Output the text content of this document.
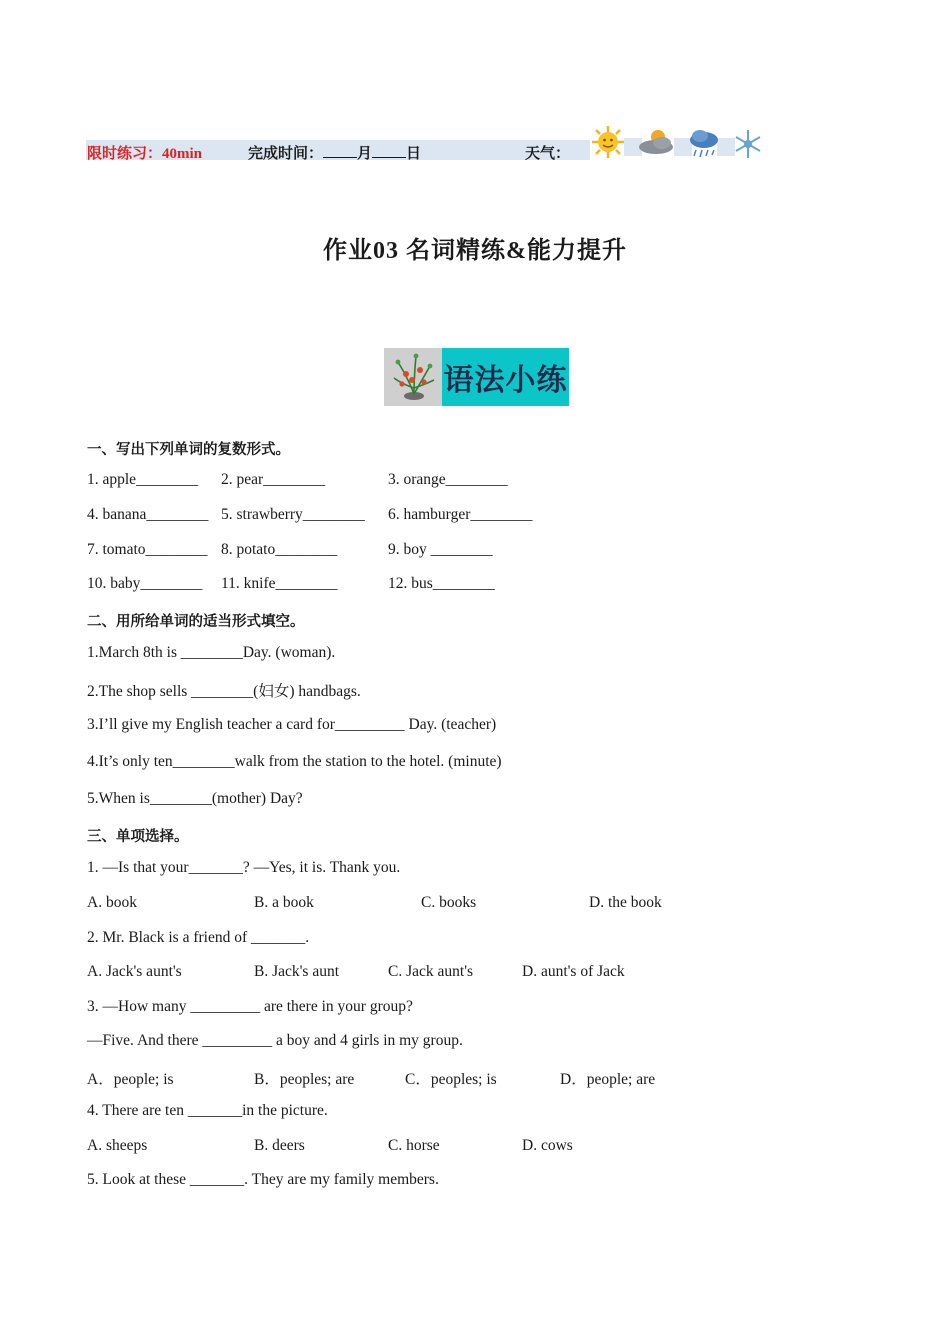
限时练习：40min	完成时间： 月 日	天气：
作业03 名词精练&能力提升
语法小练
一、写出下列单词的复数形式。
1. apple________ 2. pear________	3. orange________
4. banana________ 5. strawberry________ 6. hamburger________
7. tomato________ 8. potato________	9. boy ________
10. baby________ 11. knife________	12. bus________
二、用所给单词的适当形式填空。
1.March 8th is ________Day. (woman).
2.The shop sells ________(妇女) handbags.
3.I’ll give my English teacher a card for_________ Day. (teacher)
4.It’s only ten________walk from the station to the hotel. (minute)
5.When is________(mother) Day?
三、单项选择。
1. —Is that your_______? —Yes, it is. Thank you.
A. book	B. a book	C. books	D. the book
2. Mr. Black is a friend of _______.
A. Jack's aunt's	B. Jack's aunt	C. Jack aunt's	D. aunt's of Jack
3. —How many _________ are there in your group?
—Five. And there _________ a boy and 4 girls in my group.
A．people; is	B．peoples; are	C．peoples; is	D．people; are
4. There are ten _______in the picture.
A. sheeps	B. deers	C. horse	D. cows
5. Look at these _______. They are my family members.
